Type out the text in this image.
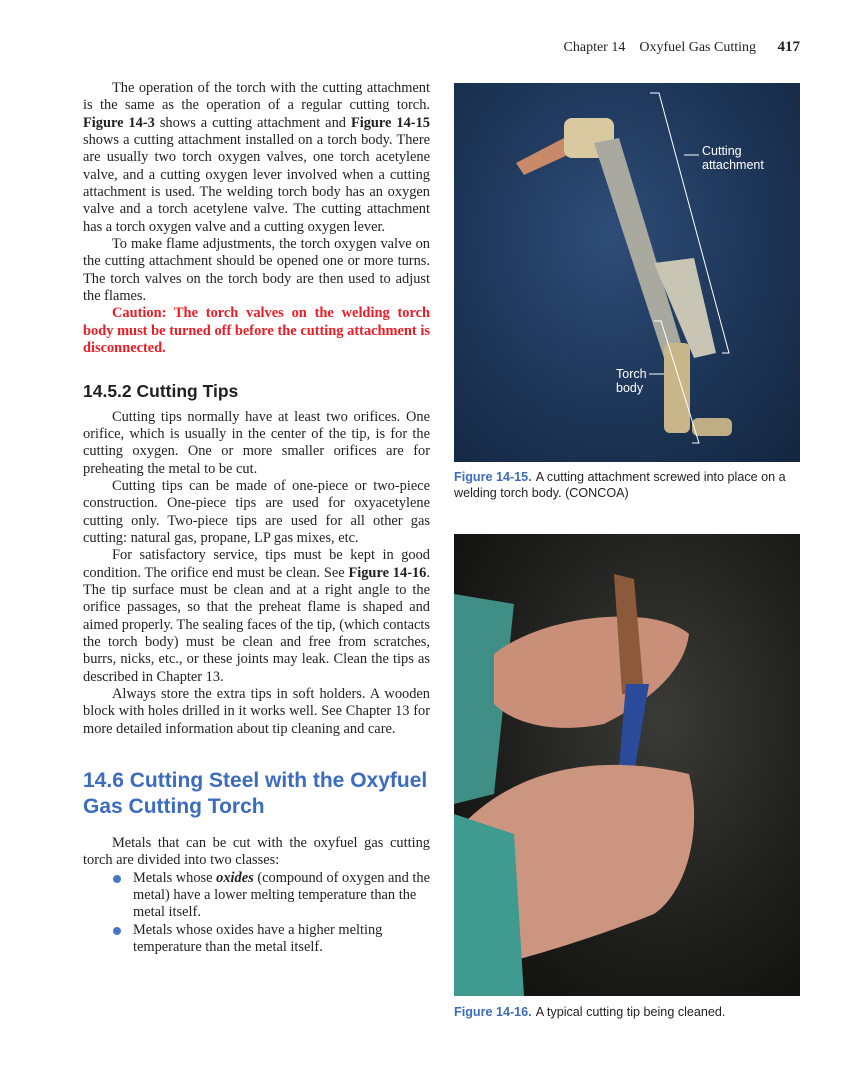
Chapter 14 Oxyfuel Gas Cutting 417

The operation of the torch with the cutting attachment is the same as the operation of a regular cutting torch. Figure 14-3 shows a cutting attachment and Figure 14-15 shows a cutting attachment installed on a torch body. There are usually two torch oxygen valves, one torch acetylene valve, and a cutting oxygen lever involved when a cutting attachment is used. The welding torch body has an oxygen valve and a torch acetylene valve. The cutting attachment has a torch oxygen valve and a cutting oxygen lever.

To make flame adjustments, the torch oxygen valve on the cutting attachment should be opened one or more turns. The torch valves on the torch body are then used to adjust the flames.

Caution: The torch valves on the welding torch body must be turned off before the cutting attachment is disconnected.

14.5.2 Cutting Tips

Cutting tips normally have at least two orifices. One orifice, which is usually in the center of the tip, is for the cutting oxygen. One or more smaller orifices are for preheating the metal to be cut.

Cutting tips can be made of one-piece or two-piece construction. One-piece tips are used for oxyacetylene cutting only. Two-piece tips are used for all other gas cutting: natural gas, propane, LP gas mixes, etc.

For satisfactory service, tips must be kept in good condition. The orifice end must be clean. See Figure 14-16. The tip surface must be clean and at a right angle to the orifice passages, so that the preheat flame is shaped and aimed properly. The sealing faces of the tip, (which contacts the torch body) must be clean and free from scratches, burrs, nicks, etc., or these joints may leak. Clean the tips as described in Chapter 13.

Always store the extra tips in soft holders. A wooden block with holes drilled in it works well. See Chapter 13 for more detailed information about tip cleaning and care.

14.6 Cutting Steel with the Oxyfuel Gas Cutting Torch

Metals that can be cut with the oxyfuel gas cutting torch are divided into two classes:

Metals whose oxides (compound of oxygen and the metal) have a lower melting temperature than the metal itself.
Metals whose oxides have a higher melting temperature than the metal itself.
Cutting attachment
Torch body
Figure 14-15. A cutting attachment screwed into place on a welding torch body. (CONCOA)
Figure 14-16. A typical cutting tip being cleaned.
